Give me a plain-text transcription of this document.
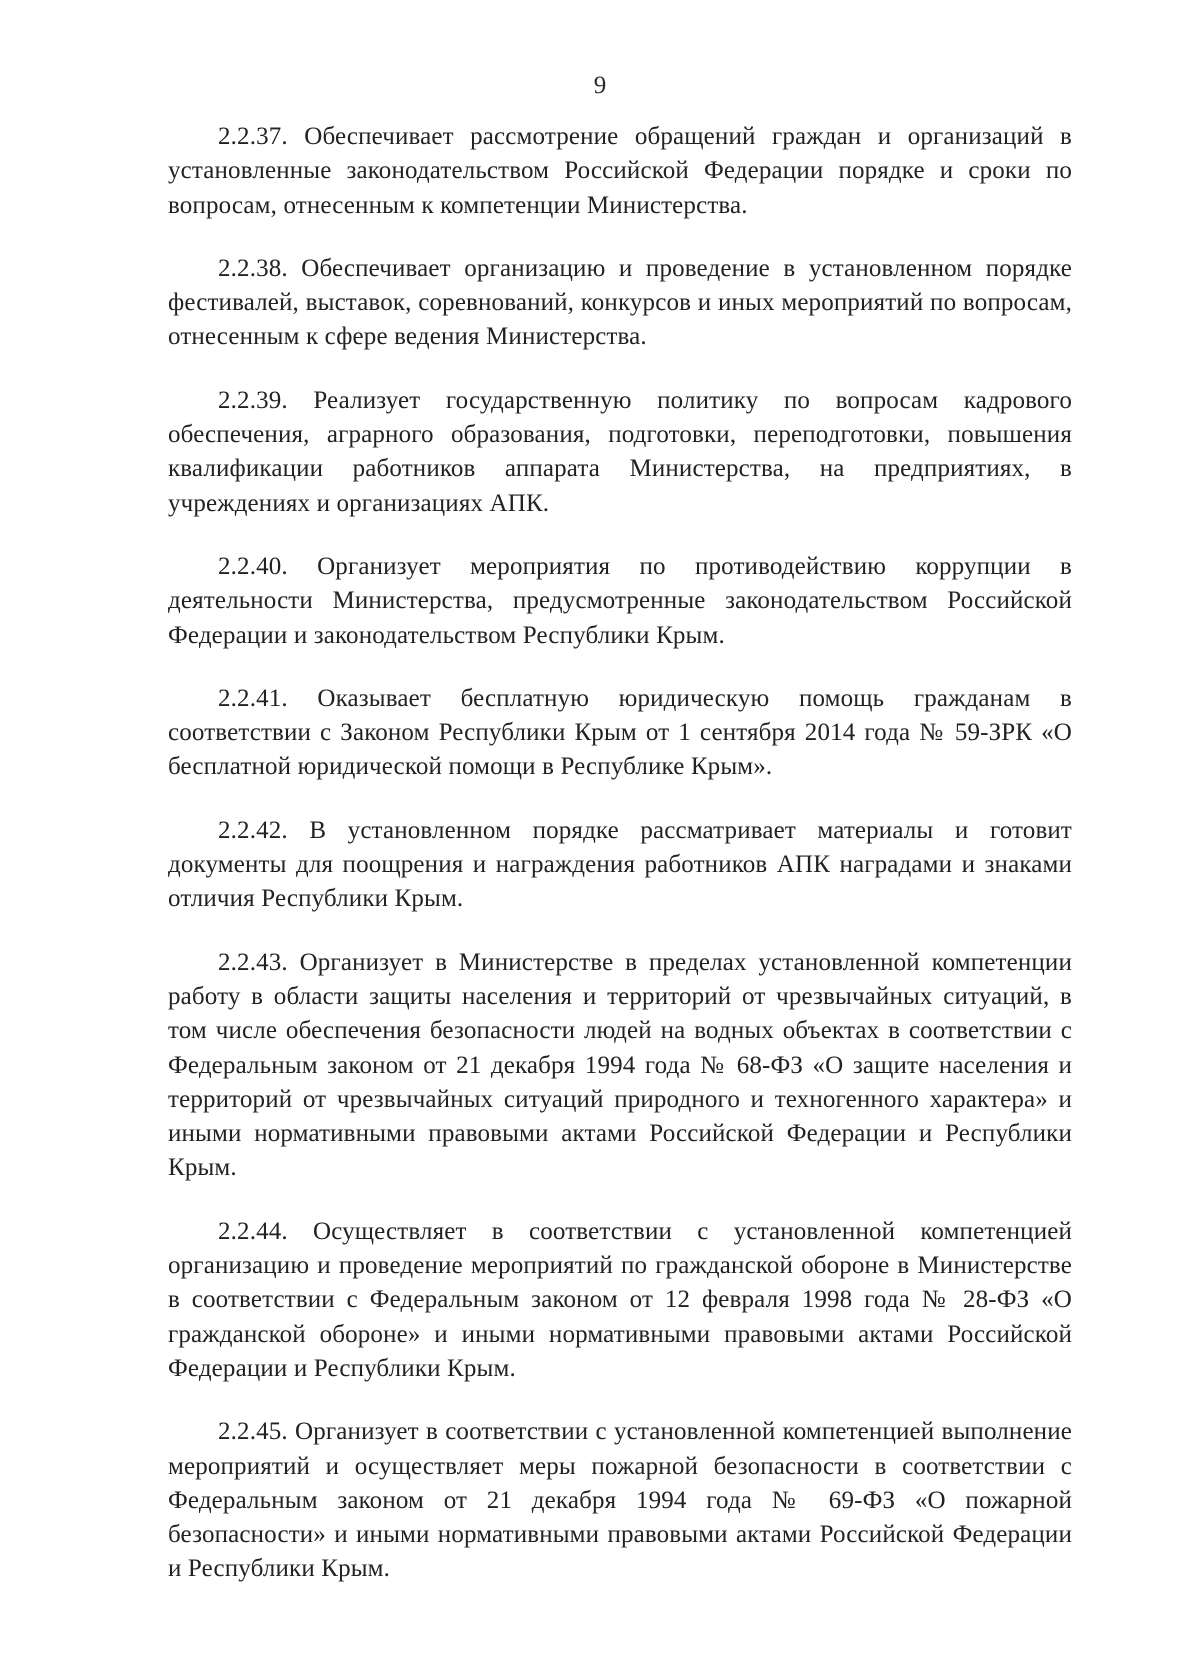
9

2.2.37. Обеспечивает рассмотрение обращений граждан и организаций в установленные законодательством Российской Федерации порядке и сроки по вопросам, отнесенным к компетенции Министерства.

2.2.38. Обеспечивает организацию и проведение в установленном порядке фестивалей, выставок, соревнований, конкурсов и иных мероприятий по вопросам, отнесенным к сфере ведения Министерства.

2.2.39. Реализует государственную политику по вопросам кадрового обеспечения, аграрного образования, подготовки, переподготовки, повышения квалификации работников аппарата Министерства, на предприятиях, в учреждениях и организациях АПК.

2.2.40. Организует мероприятия по противодействию коррупции в деятельности Министерства, предусмотренные законодательством Российской Федерации и законодательством Республики Крым.

2.2.41. Оказывает бесплатную юридическую помощь гражданам в соответствии с Законом Республики Крым от 1 сентября 2014 года № 59-ЗРК «О бесплатной юридической помощи в Республике Крым».

2.2.42. В установленном порядке рассматривает материалы и готовит документы для поощрения и награждения работников АПК наградами и знаками отличия Республики Крым.

2.2.43. Организует в Министерстве в пределах установленной компетенции работу в области защиты населения и территорий от чрезвычайных ситуаций, в том числе обеспечения безопасности людей на водных объектах в соответствии с Федеральным законом от 21 декабря 1994 года № 68-ФЗ «О защите населения и территорий от чрезвычайных ситуаций природного и техногенного характера» и иными нормативными правовыми актами Российской Федерации и Республики Крым.

2.2.44. Осуществляет в соответствии с установленной компетенцией организацию и проведение мероприятий по гражданской обороне в Министерстве в соответствии с Федеральным законом от 12 февраля 1998 года № 28-ФЗ «О гражданской обороне» и иными нормативными правовыми актами Российской Федерации и Республики Крым.

2.2.45. Организует в соответствии с установленной компетенцией выполнение мероприятий и осуществляет меры пожарной безопасности в соответствии с Федеральным законом от 21 декабря 1994 года № 69-ФЗ «О пожарной безопасности» и иными нормативными правовыми актами Российской Федерации и Республики Крым.
